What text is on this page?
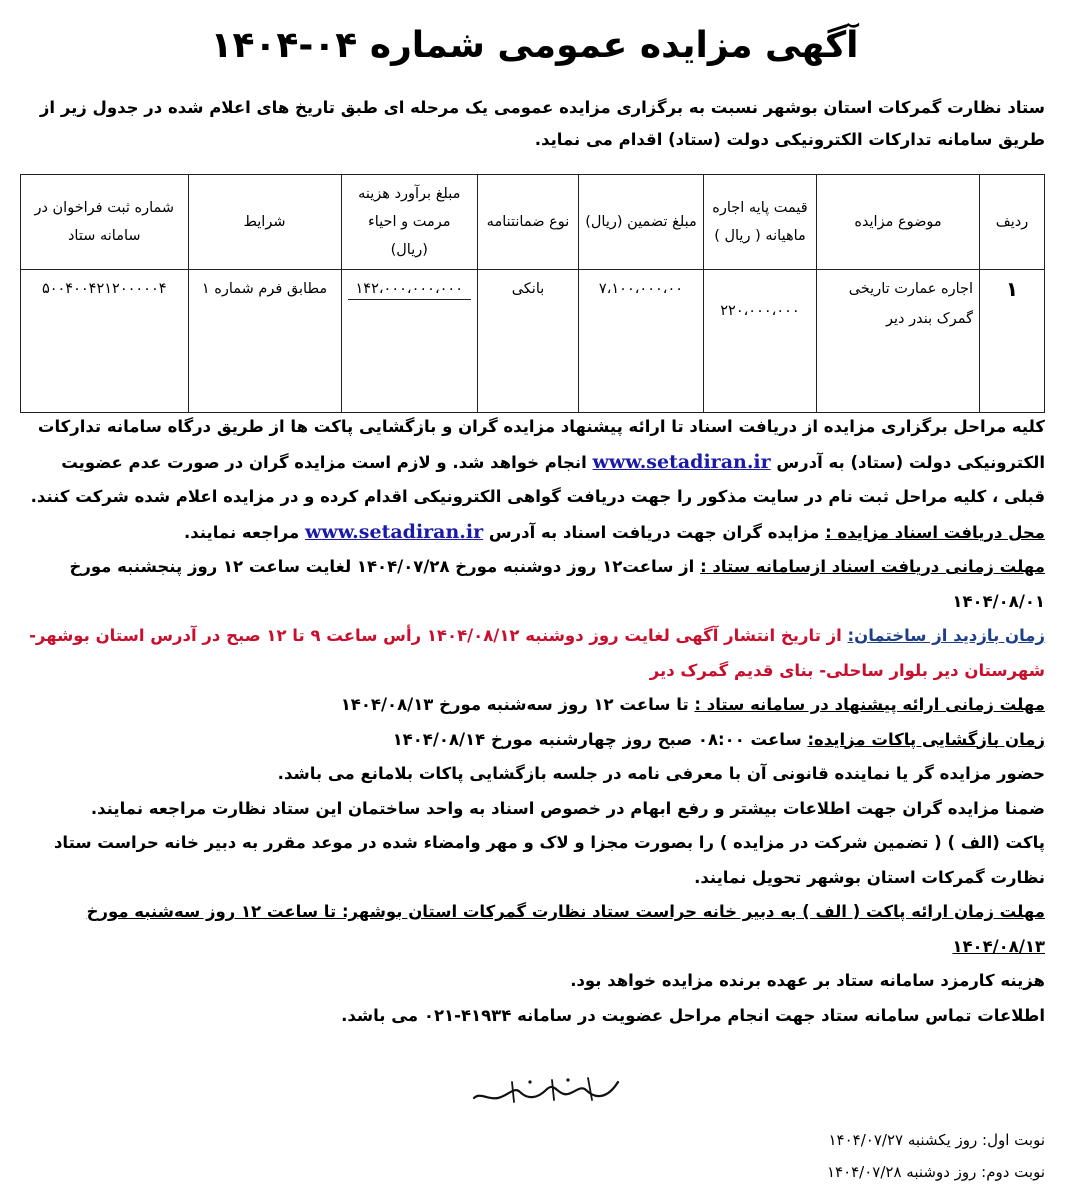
آگهی مزایده عمومی شماره ۰۴-۱۴۰۴
ستاد نظارت گمرکات استان بوشهر نسبت به برگزاری مزایده عمومی یک مرحله ای طبق تاریخ های اعلام شده در جدول زیر از طریق سامانه تدارکات الکترونیکی دولت (ستاد) اقدام می نماید.
ردیف	موضوع مزایده	قیمت پایه اجاره ماهیانه ( ریال )	مبلغ تضمین (ریال)	نوع ضمانتنامه	مبلغ برآورد هزینه مرمت و احیاء (ریال)	شرایط	شماره ثبت فراخوان در سامانه ستاد
۱	اجاره عمارت تاریخی گمرک بندر دیر	۲۲۰،۰۰۰،۰۰۰	۷،۱۰۰،۰۰۰،۰۰	بانکی	۱۴۲،۰۰۰،۰۰۰،۰۰۰	مطابق فرم شماره ۱	۵۰۰۴۰۰۴۲۱۲۰۰۰۰۰۴

کلیه مراحل برگزاری مزایده از دریافت اسناد تا ارائه پیشنهاد مزایده گران و بازگشایی پاکت ها از طریق درگاه سامانه تدارکات الکترونیکی دولت (ستاد) به آدرس www.setadiran.ir انجام خواهد شد. و لازم است مزایده گران در صورت عدم عضویت قبلی ، کلیه مراحل ثبت نام در سایت مذکور را جهت دریافت گواهی الکترونیکی اقدام کرده و در مزایده اعلام شده شرکت کنند.

محل دریافت اسناد مزایده : مزایده گران جهت دریافت اسناد به آدرس www.setadiran.ir مراجعه نمایند.

مهلت زمانی دریافت اسناد ازسامانه ستاد : از ساعت۱۲ روز دوشنبه مورخ ۱۴۰۴/۰۷/۲۸ لغایت ساعت ۱۲ روز پنجشنبه مورخ ۱۴۰۴/۰۸/۰۱

زمان بازدید از ساختمان: از تاریخ انتشار آگهی لغایت روز دوشنبه ۱۴۰۴/۰۸/۱۲ رأس ساعت ۹ تا ۱۲ صبح در آدرس استان بوشهر- شهرستان دیر بلوار ساحلی- بنای قدیم گمرک دیر

مهلت زمانی ارائه پیشنهاد در سامانه ستاد : تا ساعت ۱۲ روز سه‌شنبه مورخ ۱۴۰۴/۰۸/۱۳

زمان بازگشایی پاکات مزایده: ساعت ۰۸:۰۰ صبح روز چهارشنبه مورخ ۱۴۰۴/۰۸/۱۴

حضور مزایده گر یا نماینده قانونی آن با معرفی نامه در جلسه بازگشایی پاکات بلامانع می باشد.

ضمنا مزایده گران جهت اطلاعات بیشتر و رفع ابهام در خصوص اسناد به واحد ساختمان این ستاد نظارت مراجعه نمایند.

پاکت (الف ) ( تضمین شرکت در مزایده ) را بصورت مجزا و لاک و مهر وامضاء شده در موعد مقرر به دبیر خانه حراست ستاد نظارت گمرکات استان بوشهر تحویل نمایند.

مهلت زمان ارائه پاکت ( الف ) به دبیر خانه حراست ستاد نظارت گمرکات استان بوشهر: تا ساعت ۱۲ روز سه‌شنبه مورخ ۱۴۰۴/۰۸/۱۳

هزینه کارمزد سامانه ستاد بر عهده برنده مزایده خواهد بود.

اطلاعات تماس سامانه ستاد جهت انجام مراحل عضویت در سامانه ۴۱۹۳۴-۰۲۱ می باشد.

نوبت اول: روز یکشنبه ۱۴۰۴/۰۷/۲۷
نوبت دوم: روز دوشنبه ۱۴۰۴/۰۷/۲۸
